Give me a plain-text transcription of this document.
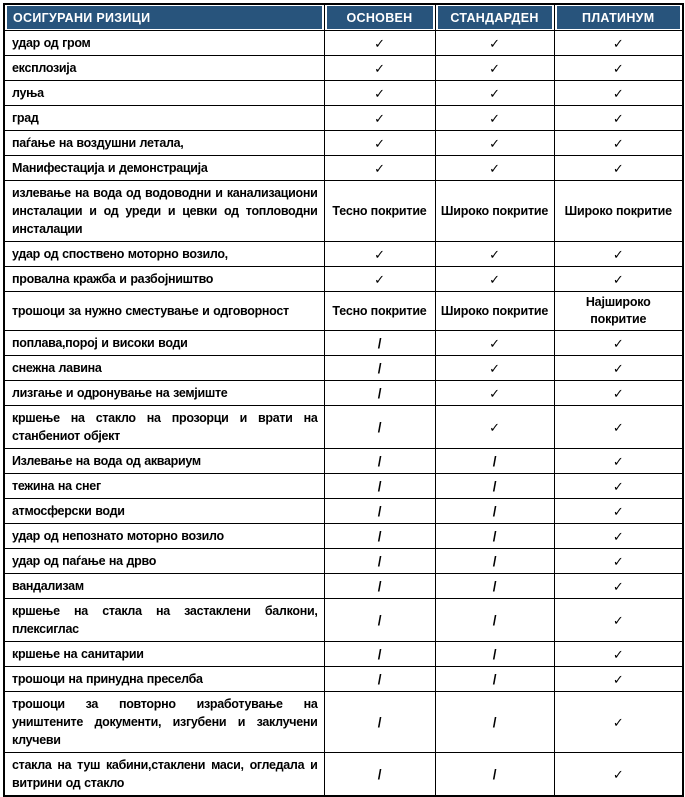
ОСИГУРАНИ РИЗИЦИ	ОСНОВЕН	СТАНДАРДЕН	ПЛАТИНУМ

удар од гром	✓	✓	✓
експлозија	✓	✓	✓
луња	✓	✓	✓
град	✓	✓	✓
паѓање на воздушни летала,	✓	✓	✓
Манифестација и демонстрација	✓	✓	✓
излевање на вода од водоводни и канализациони инсталации и од уреди и цевки од топловодни инсталации	Тесно покритие	Широко покритие	Широко покритие
удар од споствено моторно возило,	✓	✓	✓
провална кражба и разбојништво	✓	✓	✓
трошоци за нужно сместување и одговорност	Тесно покритие	Широко покритие	Најшироко покритие
поплава,порој и високи води	/	✓	✓
снежна лавина	/	✓	✓
лизгање и одронување на земјиште	/	✓	✓
кршење на стакло на прозорци и врати на станбениот објект	/	✓	✓
Излевање на вода од аквариум	/	/	✓
тежина на снег	/	/	✓
атмосферски води	/	/	✓
удар од непознато моторно возило	/	/	✓
удар од паѓање на дрво	/	/	✓
вандализам	/	/	✓
кршење на стакла на застаклени балкони, плексиглас	/	/	✓
кршење на санитарии	/	/	✓
трошоци на принудна преселба	/	/	✓
трошоци за повторно изработување на уништените документи, изгубени и заклучени клучеви	/	/	✓
стакла на туш кабини,стаклени маси, огледала и витрини од стакло	/	/	✓
